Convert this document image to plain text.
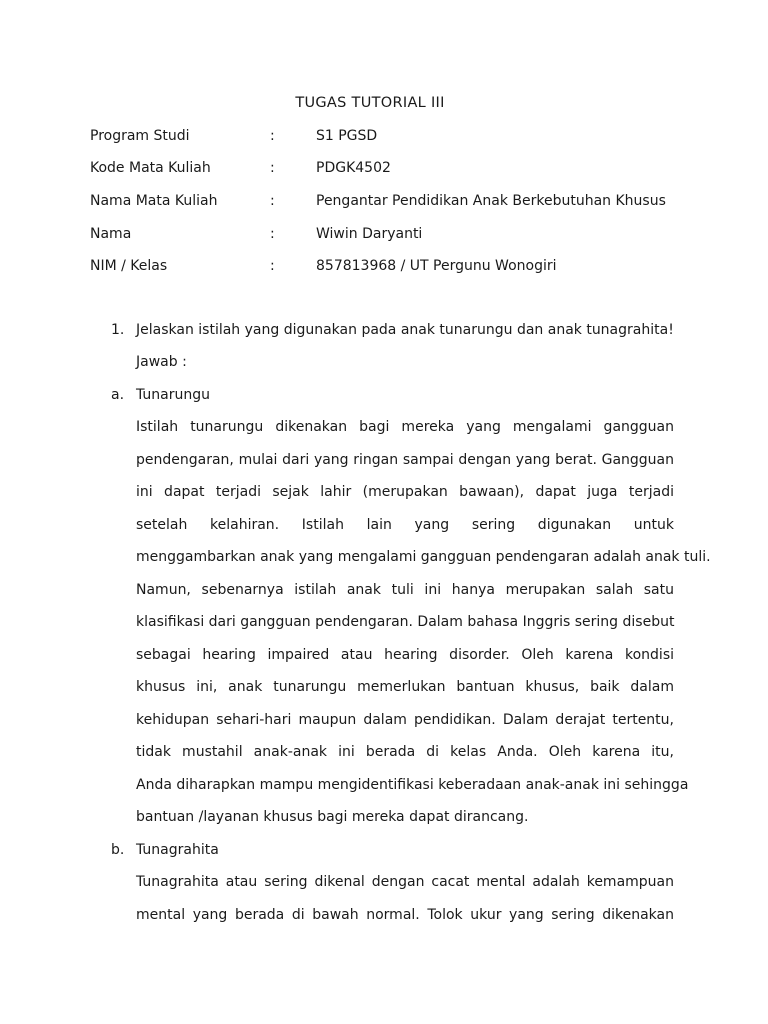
TUGAS TUTORIAL III
Program Studi	:	S1 PGSD
Kode Mata Kuliah	:	PDGK4502
Nama Mata Kuliah	:	Pengantar Pendidikan Anak Berkebutuhan Khusus
Nama	:	Wiwin Daryanti
NIM / Kelas	:	857813968 / UT Pergunu Wonogiri
1. Jelaskan istilah yang digunakan pada anak tunarungu dan anak tunagrahita!
Jawab :
a. Tunarungu
Istilah tunarungu dikenakan bagi mereka yang mengalami gangguan
pendengaran, mulai dari yang ringan sampai dengan yang berat. Gangguan
ini dapat terjadi sejak lahir (merupakan bawaan), dapat juga terjadi
setelah kelahiran. Istilah lain yang sering digunakan untuk
menggambarkan anak yang mengalami gangguan pendengaran adalah anak tuli.
Namun, sebenarnya istilah anak tuli ini hanya merupakan salah satu
klasifikasi dari gangguan pendengaran. Dalam bahasa Inggris sering disebut
sebagai hearing impaired atau hearing disorder. Oleh karena kondisi
khusus ini, anak tunarungu memerlukan bantuan khusus, baik dalam
kehidupan sehari-hari maupun dalam pendidikan. Dalam derajat tertentu,
tidak mustahil anak-anak ini berada di kelas Anda. Oleh karena itu,
Anda diharapkan mampu mengidentifikasi keberadaan anak-anak ini sehingga
bantuan /layanan khusus bagi mereka dapat dirancang.
b. Tunagrahita
Tunagrahita atau sering dikenal dengan cacat mental adalah kemampuan
mental yang berada di bawah normal. Tolok ukur yang sering dikenakan
